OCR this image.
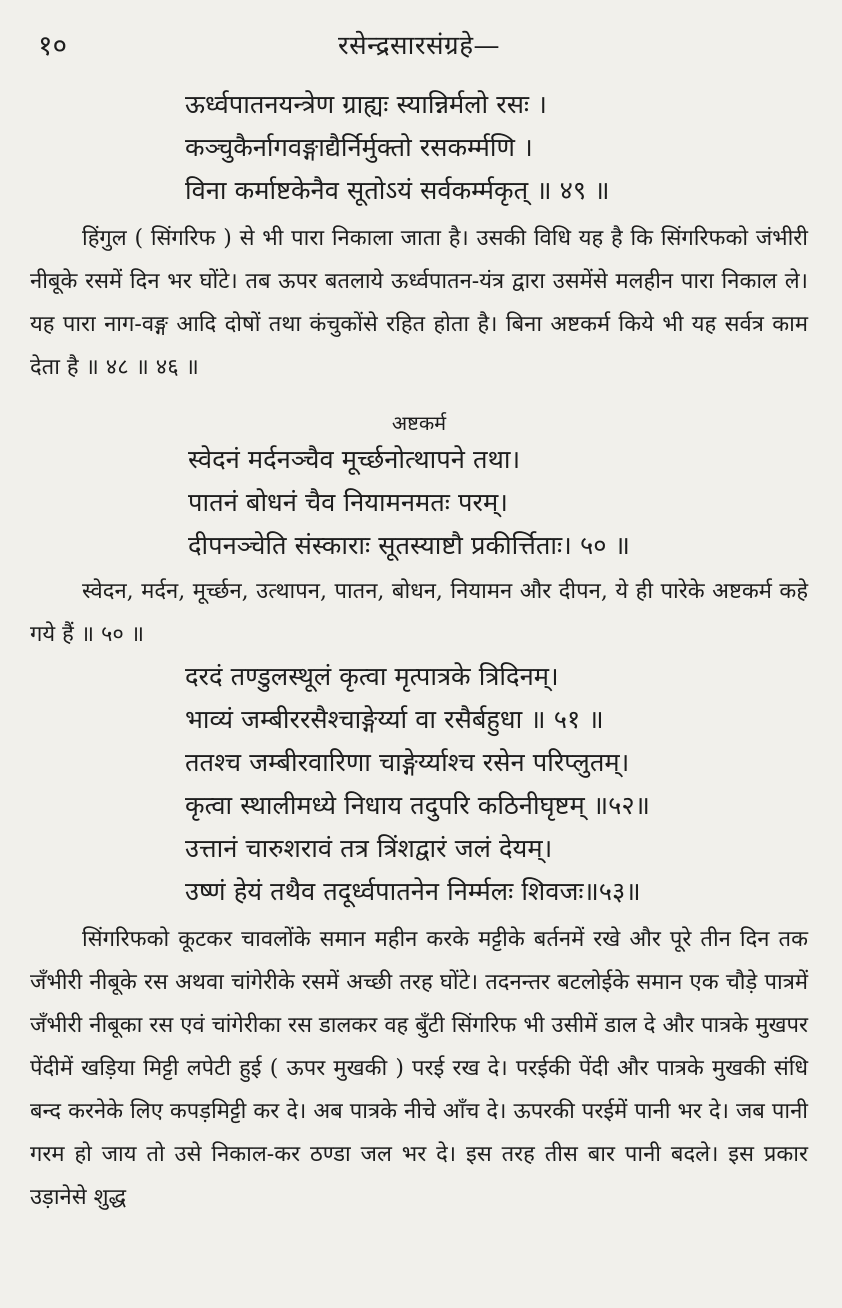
१०	रसेन्द्रसारसंग्रहे—
ऊर्ध्वपातनयन्त्रेण ग्राह्यः स्यान्निर्मलो रसः ।
कञ्चुकैर्नागवङ्गाद्यैर्निर्मुक्तो रसकर्म्मणि ।
विना कर्माष्टकेनैव सूतोऽयं सर्वकर्म्मकृत् ॥ ४९ ॥

हिंगुल ( सिंगरिफ ) से भी पारा निकाला जाता है। उसकी विधि यह है कि सिंगरिफको जंभीरी नीबूके रसमें दिन भर घोंटे। तब ऊपर बतलाये ऊर्ध्वपातन-यंत्र द्वारा उसमेंसे मलहीन पारा निकाल ले। यह पारा नाग-वङ्ग आदि दोषों तथा कंचुकोंसे रहित होता है। बिना अष्टकर्म किये भी यह सर्वत्र काम देता है ॥ ४८ ॥ ४६ ॥

अष्टकर्म
स्वेदनं मर्दनञ्चैव मूर्च्छनोत्थापने तथा।
पातनं बोधनं चैव नियामनमतः परम्।
दीपनञ्चेति संस्काराः सूतस्याष्टौ प्रकीर्त्तिताः। ५० ॥

स्वेदन, मर्दन, मूर्च्छन, उत्थापन, पातन, बोधन, नियामन और दीपन, ये ही पारेके अष्टकर्म कहे गये हैं ॥ ५० ॥

दरदं तण्डुलस्थूलं कृत्वा मृत्पात्रके त्रिदिनम्।
भाव्यं जम्बीररसैश्चाङ्गेर्य्या वा रसैर्बहुधा ॥ ५१ ॥
ततश्च जम्बीरवारिणा चाङ्गेर्य्याश्च रसेन परिप्लुतम्।
कृत्वा स्थालीमध्ये निधाय तदुपरि कठिनीघृष्टम् ॥५२॥
उत्तानं चारुशरावं तत्र त्रिंशद्वारं जलं देयम्।
उष्णं हेयं तथैव तदूर्ध्वपातनेन निर्म्मलः शिवजः॥५३॥

सिंगरिफको कूटकर चावलोंके समान महीन करके मट्टीके बर्तनमें रखे और पूरे तीन दिन तक जँभीरी नीबूके रस अथवा चांगेरीके रसमें अच्छी तरह घोंटे। तदनन्तर बटलोईके समान एक चौड़े पात्रमें जँभीरी नीबूका रस एवं चांगेरीका रस डालकर वह बुँटी सिंगरिफ भी उसीमें डाल दे और पात्रके मुखपर पेंदीमें खड़िया मिट्टी लपेटी हुई ( ऊपर मुखकी ) परई रख दे। परईकी पेंदी और पात्रके मुखकी संधि बन्द करनेके लिए कपड़मिट्टी कर दे। अब पात्रके नीचे आँच दे। ऊपरकी परईमें पानी भर दे। जब पानी गरम हो जाय तो उसे निकाल-कर ठण्डा जल भर दे। इस तरह तीस बार पानी बदले। इस प्रकार उड़ानेसे शुद्ध
